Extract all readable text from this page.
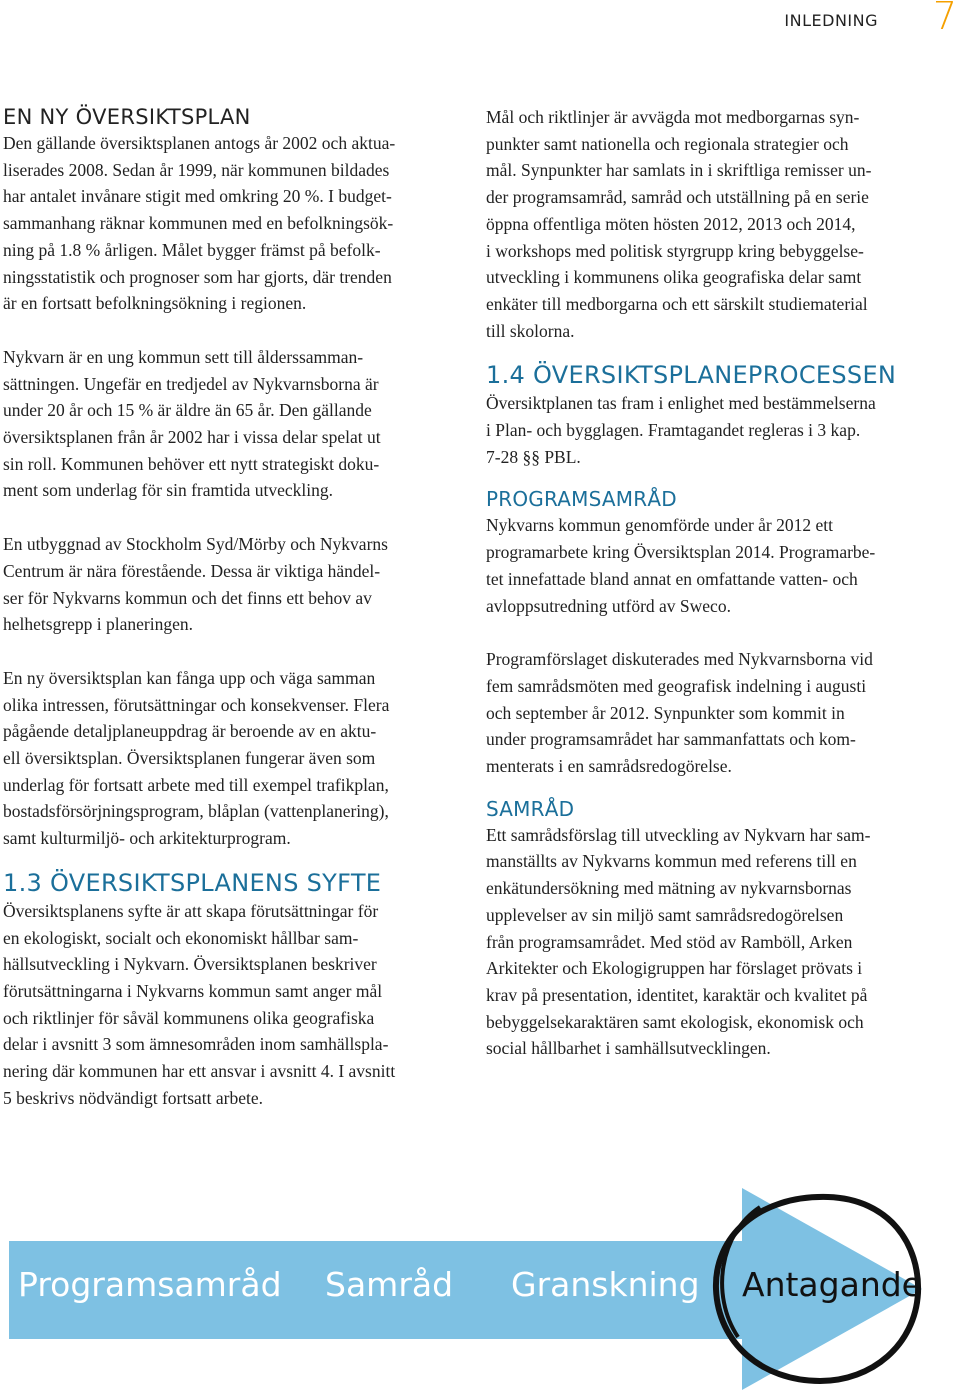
INLEDNING 7
EN NY ÖVERSIKTSPLAN

Den gällande översiktsplanen antogs år 2002 och aktua-
liserades 2008. Sedan år 1999, när kommunen bildades
har antalet invånare stigit med omkring 20 %. I budget-
sammanhang räknar kommunen med en befolkningsök-
ning på 1.8 % årligen. Målet bygger främst på befolk-
ningsstatistik och prognoser som har gjorts, där trenden
är en fortsatt befolkningsökning i regionen.

Nykvarn är en ung kommun sett till ålderssamman-
sättningen. Ungefär en tredjedel av Nykvarnsborna är
under 20 år och 15 % är äldre än 65 år. Den gällande
översiktsplanen från år 2002 har i vissa delar spelat ut
sin roll. Kommunen behöver ett nytt strategiskt doku-
ment som underlag för sin framtida utveckling.

En utbyggnad av Stockholm Syd/Mörby och Nykvarns
Centrum är nära förestående. Dessa är viktiga händel-
ser för Nykvarns kommun och det finns ett behov av
helhetsgrepp i planeringen.

En ny översiktsplan kan fånga upp och väga samman
olika intressen, förutsättningar och konsekvenser. Flera
pågående detaljplaneuppdrag är beroende av en aktu-
ell översiktsplan. Översiktsplanen fungerar även som
underlag för fortsatt arbete med till exempel trafikplan,
bostadsförsörjningsprogram, blåplan (vattenplanering),
samt kulturmiljö- och arkitekturprogram.

1.3 ÖVERSIKTSPLANENS SYFTE

Översiktsplanens syfte är att skapa förutsättningar för
en ekologiskt, socialt och ekonomiskt hållbar sam-
hällsutveckling i Nykvarn. Översiktsplanen beskriver
förutsättningarna i Nykvarns kommun samt anger mål
och riktlinjer för såväl kommunens olika geografiska
delar i avsnitt 3 som ämnesområden inom samhällspla-
nering där kommunen har ett ansvar i avsnitt 4. I avsnitt
5 beskrivs nödvändigt fortsatt arbete.

Mål och riktlinjer är avvägda mot medborgarnas syn-
punkter samt nationella och regionala strategier och
mål. Synpunkter har samlats in i skriftliga remisser un-
der programsamråd, samråd och utställning på en serie
öppna offentliga möten hösten 2012, 2013 och 2014,
i workshops med politisk styrgrupp kring bebyggelse-
utveckling i kommunens olika geografiska delar samt
enkäter till medborgarna och ett särskilt studiematerial
till skolorna.

1.4 ÖVERSIKTSPLANEPROCESSEN

Översiktplanen tas fram i enlighet med bestämmelserna
i Plan- och bygglagen. Framtagandet regleras i 3 kap.
7-28 §§ PBL.

PROGRAMSAMRÅD

Nykvarns kommun genomförde under år 2012 ett
programarbete kring Översiktsplan 2014. Programarbe-
tet innefattade bland annat en omfattande vatten- och
avloppsutredning utförd av Sweco.

Programförslaget diskuterades med Nykvarnsborna vid
fem samrådsmöten med geografisk indelning i augusti
och september år 2012. Synpunkter som kommit in
under programsamrådet har sammanfattats och kom-
menterats i en samrådsredogörelse.

SAMRÅD

Ett samrådsförslag till utveckling av Nykvarn har sam-
manställts av Nykvarns kommun med referens till en
enkätundersökning med mätning av nykvarnsbornas
upplevelser av sin miljö samt samrådsredogörelsen
från programsamrådet. Med stöd av Ramböll, Arken
Arkitekter och Ekologigruppen har förslaget prövats i
krav på presentation, identitet, karaktär och kvalitet på
bebyggelsekaraktären samt ekologisk, ekonomisk och
social hållbarhet i samhällsutvecklingen.

Programsamråd Samråd Granskning Antagande
